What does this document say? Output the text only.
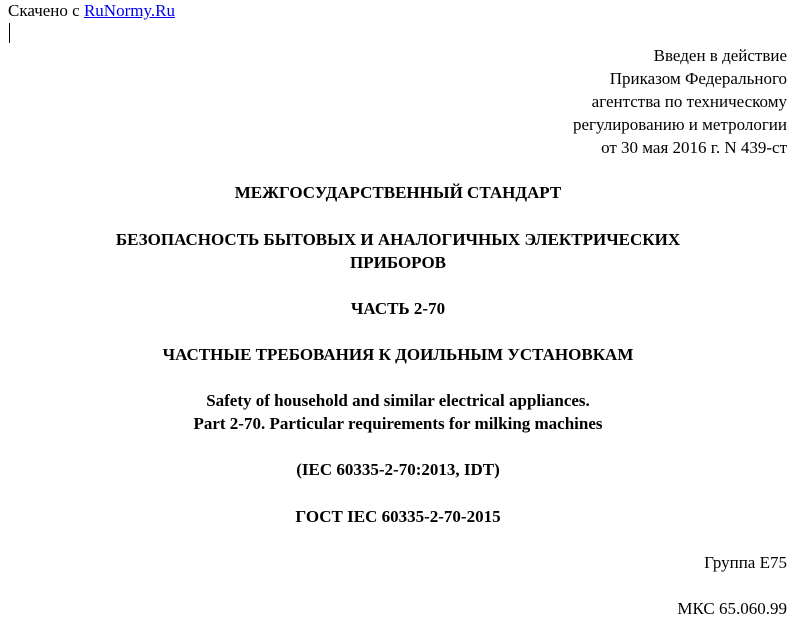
Скачено с RuNormy.Ru
Введен в действие
Приказом Федерального
агентства по техническому
регулированию и метрологии
от 30 мая 2016 г. N 439-ст
МЕЖГОСУДАРСТВЕННЫЙ СТАНДАРТ
БЕЗОПАСНОСТЬ БЫТОВЫХ И АНАЛОГИЧНЫХ ЭЛЕКТРИЧЕСКИХ
ПРИБОРОВ
ЧАСТЬ 2-70
ЧАСТНЫЕ ТРЕБОВАНИЯ К ДОИЛЬНЫМ УСТАНОВКАМ
Safety of household and similar electrical appliances.
Part 2-70. Particular requirements for milking machines
(IEC 60335-2-70:2013, IDT)
ГОСТ IEC 60335-2-70-2015
Группа Е75
МКС 65.060.99
